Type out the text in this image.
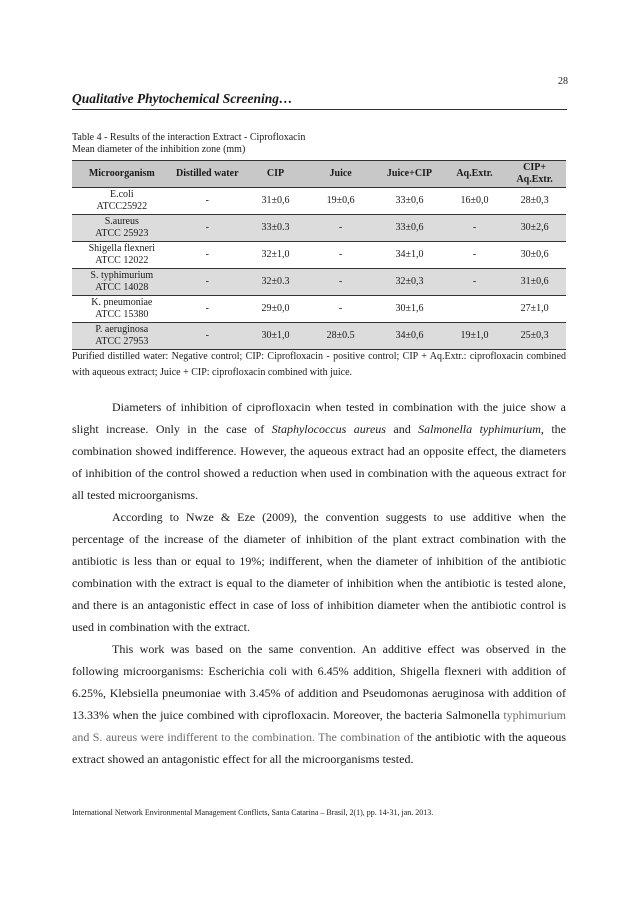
28
Qualitative Phytochemical Screening…
Table 4 - Results of the interaction Extract - Ciprofloxacin
Mean diameter of the inhibition zone (mm)
Microorganism	Distilled water	CIP	Juice	Juice+CIP	Aq.Extr.	CIP+ Aq.Extr.

E.coli
ATCC25922	-	31±0,6	19±0,6	33±0,6	16±0,0	28±0,3

S.aureus
ATCC 25923	-	33±0.3	-	33±0,6	-	30±2,6

Shigella flexneri
ATCC 12022	-	32±1,0	-	34±1,0	-	30±0,6

S. typhimurium
ATCC 14028	-	32±0.3	-	32±0,3	-	31±0,6

K. pneumoniae
ATCC 15380	-	29±0,0	-	30±1,6		27±1,0

P. aeruginosa
ATCC 27953	-	30±1,0	28±0.5	34±0,6	19±1,0	25±0,3
Purified distilled water: Negative control; CIP: Ciprofloxacin - positive control; CIP + Aq.Extr.: ciprofloxacin combined with aqueous extract; Juice + CIP: ciprofloxacin combined with juice.

Diameters of inhibition of ciprofloxacin when tested in combination with the juice show a slight increase. Only in the case of Staphylococcus aureus and Salmonella typhimurium, the combination showed indifference. However, the aqueous extract had an opposite effect, the diameters of inhibition of the control showed a reduction when used in combination with the aqueous extract for all tested microorganisms.

According to Nwze & Eze (2009), the convention suggests to use additive when the percentage of the increase of the diameter of inhibition of the plant extract combination with the antibiotic is less than or equal to 19%; indifferent, when the diameter of inhibition of the antibiotic combination with the extract is equal to the diameter of inhibition when the antibiotic is tested alone, and there is an antagonistic effect in case of loss of inhibition diameter when the antibiotic control is used in combination with the extract.

This work was based on the same convention. An additive effect was observed in the following microorganisms: Escherichia coli with 6.45% addition, Shigella flexneri with addition of 6.25%, Klebsiella pneumoniae with 3.45% of addition and Pseudomonas aeruginosa with addition of 13.33% when the juice combined with ciprofloxacin. Moreover, the bacteria Salmonella typhimurium and S. aureus were indifferent to the combination. The combination of the antibiotic with the aqueous extract showed an antagonistic effect for all the microorganisms tested.

International Network Environmental Management Conflicts, Santa Catarina – Brasil, 2(1), pp. 14-31, jan. 2013.
